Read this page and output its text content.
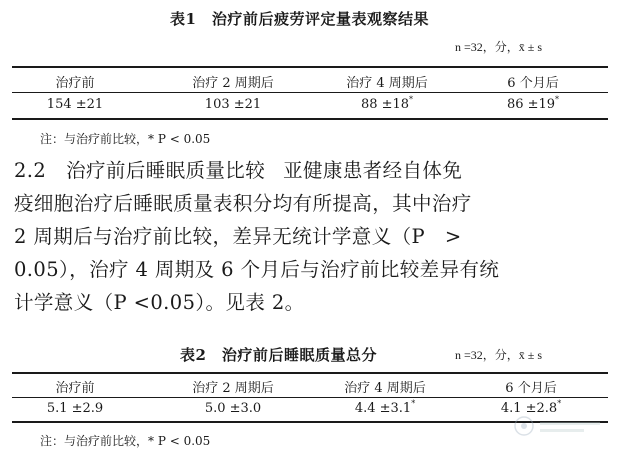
表1　治疗前后疲劳评定量表观察结果
n =32，分，x̄ ± s
治疗前	治疗 2 周期后	治疗 4 周期后	6 个月后
154 ±21	103 ±21	88 ±18*	86 ±19*
注：与治疗前比较，* P < 0.05
2.2　治疗前后睡眠质量比较 亚健康患者经自体免
疫细胞治疗后睡眠质量表积分均有所提高，其中治疗
2 周期后与治疗前比较，差异无统计学意义（P　>
0.05），治疗 4 周期及 6 个月后与治疗前比较差异有统
计学意义（P <0.05）。见表 2。
表2　治疗前后睡眠质量总分	n =32，分，x̄ ± s
治疗前	治疗 2 周期后	治疗 4 周期后	6 个月后
5.1 ±2.9	5.0 ±3.0	4.4 ±3.1*	4.1 ±2.8*
注：与治疗前比较，* P < 0.05
